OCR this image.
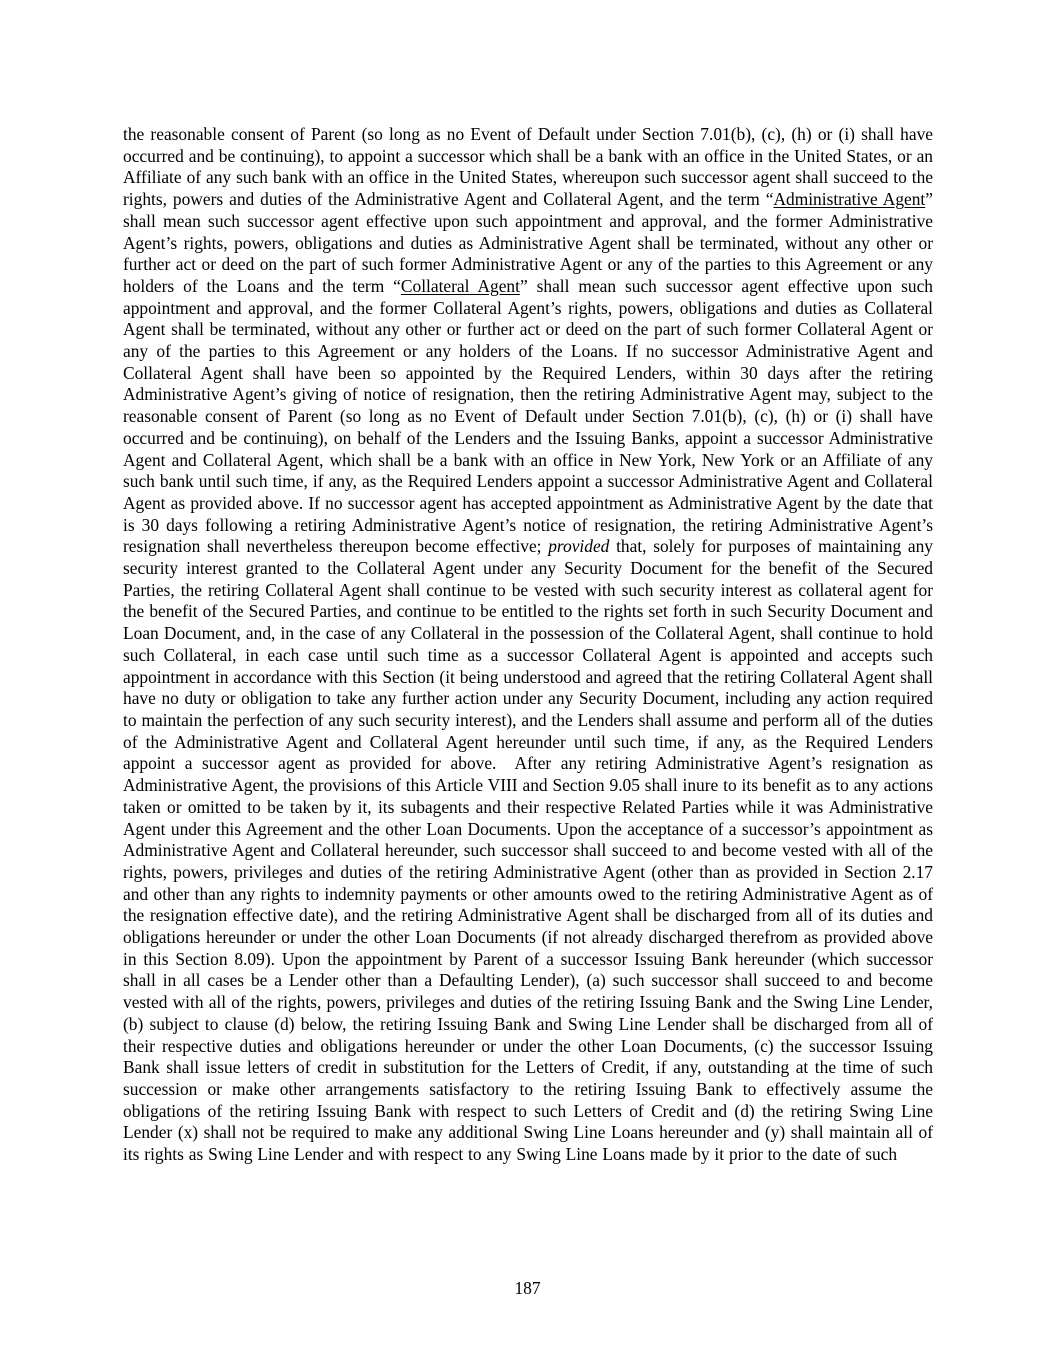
the reasonable consent of Parent (so long as no Event of Default under Section 7.01(b), (c), (h) or (i) shall have occurred and be continuing), to appoint a successor which shall be a bank with an office in the United States, or an Affiliate of any such bank with an office in the United States, whereupon such successor agent shall succeed to the rights, powers and duties of the Administrative Agent and Collateral Agent, and the term “Administrative Agent” shall mean such successor agent effective upon such appointment and approval, and the former Administrative Agent’s rights, powers, obligations and duties as Administrative Agent shall be terminated, without any other or further act or deed on the part of such former Administrative Agent or any of the parties to this Agreement or any holders of the Loans and the term “Collateral Agent” shall mean such successor agent effective upon such appointment and approval, and the former Collateral Agent’s rights, powers, obligations and duties as Collateral Agent shall be terminated, without any other or further act or deed on the part of such former Collateral Agent or any of the parties to this Agreement or any holders of the Loans. If no successor Administrative Agent and Collateral Agent shall have been so appointed by the Required Lenders, within 30 days after the retiring Administrative Agent’s giving of notice of resignation, then the retiring Administrative Agent may, subject to the reasonable consent of Parent (so long as no Event of Default under Section 7.01(b), (c), (h) or (i) shall have occurred and be continuing), on behalf of the Lenders and the Issuing Banks, appoint a successor Administrative Agent and Collateral Agent, which shall be a bank with an office in New York, New York or an Affiliate of any such bank until such time, if any, as the Required Lenders appoint a successor Administrative Agent and Collateral Agent as provided above. If no successor agent has accepted appointment as Administrative Agent by the date that is 30 days following a retiring Administrative Agent’s notice of resignation, the retiring Administrative Agent’s resignation shall nevertheless thereupon become effective; provided that, solely for purposes of maintaining any security interest granted to the Collateral Agent under any Security Document for the benefit of the Secured Parties, the retiring Collateral Agent shall continue to be vested with such security interest as collateral agent for the benefit of the Secured Parties, and continue to be entitled to the rights set forth in such Security Document and Loan Document, and, in the case of any Collateral in the possession of the Collateral Agent, shall continue to hold such Collateral, in each case until such time as a successor Collateral Agent is appointed and accepts such appointment in accordance with this Section (it being understood and agreed that the retiring Collateral Agent shall have no duty or obligation to take any further action under any Security Document, including any action required to maintain the perfection of any such security interest), and the Lenders shall assume and perform all of the duties of the Administrative Agent and Collateral Agent hereunder until such time, if any, as the Required Lenders appoint a successor agent as provided for above.  After any retiring Administrative Agent’s resignation as Administrative Agent, the provisions of this Article VIII and Section 9.05 shall inure to its benefit as to any actions taken or omitted to be taken by it, its subagents and their respective Related Parties while it was Administrative Agent under this Agreement and the other Loan Documents. Upon the acceptance of a successor’s appointment as Administrative Agent and Collateral hereunder, such successor shall succeed to and become vested with all of the rights, powers, privileges and duties of the retiring Administrative Agent (other than as provided in Section 2.17 and other than any rights to indemnity payments or other amounts owed to the retiring Administrative Agent as of the resignation effective date), and the retiring Administrative Agent shall be discharged from all of its duties and obligations hereunder or under the other Loan Documents (if not already discharged therefrom as provided above in this Section 8.09). Upon the appointment by Parent of a successor Issuing Bank hereunder (which successor shall in all cases be a Lender other than a Defaulting Lender), (a) such successor shall succeed to and become vested with all of the rights, powers, privileges and duties of the retiring Issuing Bank and the Swing Line Lender, (b) subject to clause (d) below, the retiring Issuing Bank and Swing Line Lender shall be discharged from all of their respective duties and obligations hereunder or under the other Loan Documents, (c) the successor Issuing Bank shall issue letters of credit in substitution for the Letters of Credit, if any, outstanding at the time of such succession or make other arrangements satisfactory to the retiring Issuing Bank to effectively assume the obligations of the retiring Issuing Bank with respect to such Letters of Credit and (d) the retiring Swing Line Lender (x) shall not be required to make any additional Swing Line Loans hereunder and (y) shall maintain all of its rights as Swing Line Lender and with respect to any Swing Line Loans made by it prior to the date of such
187
